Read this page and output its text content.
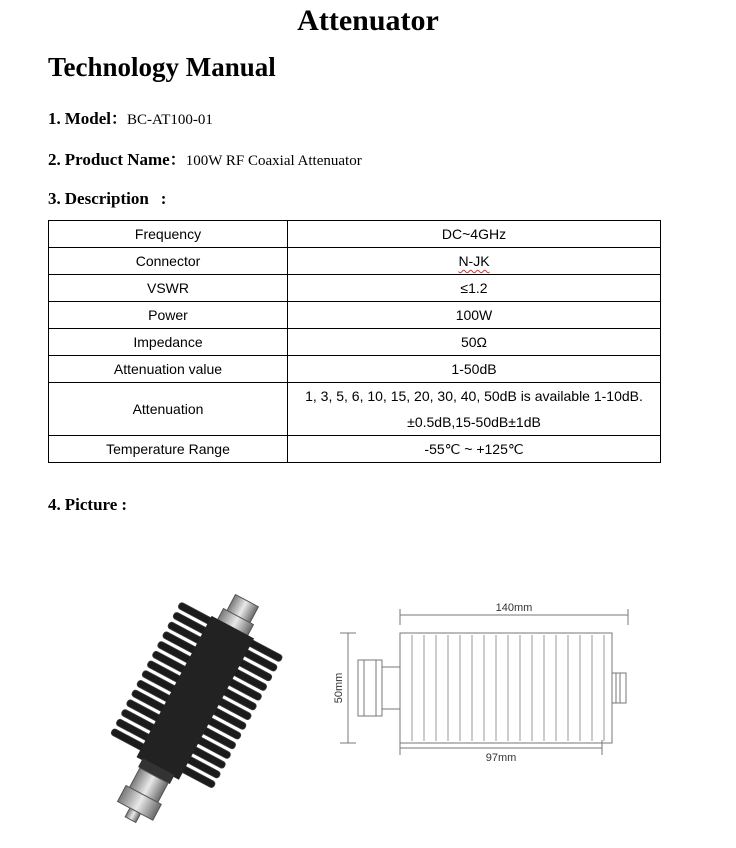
Attenuator
Technology Manual
1. Model：BC-AT100-01
2. Product Name：100W RF Coaxial Attenuator
3. Description :
Frequency	DC~4GHz
Connector	N-JK
VSWR	≤1.2
Power	100W
Impedance	50Ω
Attenuation value	1-50dB
Attenuation	1, 3, 5, 6, 10, 15, 20, 30, 40, 50dB is available 1-10dB.
±0.5dB,15-50dB±1dB

Temperature Range	-55℃ ~ +125℃
4. Picture :
140mm
50mm
97mm
